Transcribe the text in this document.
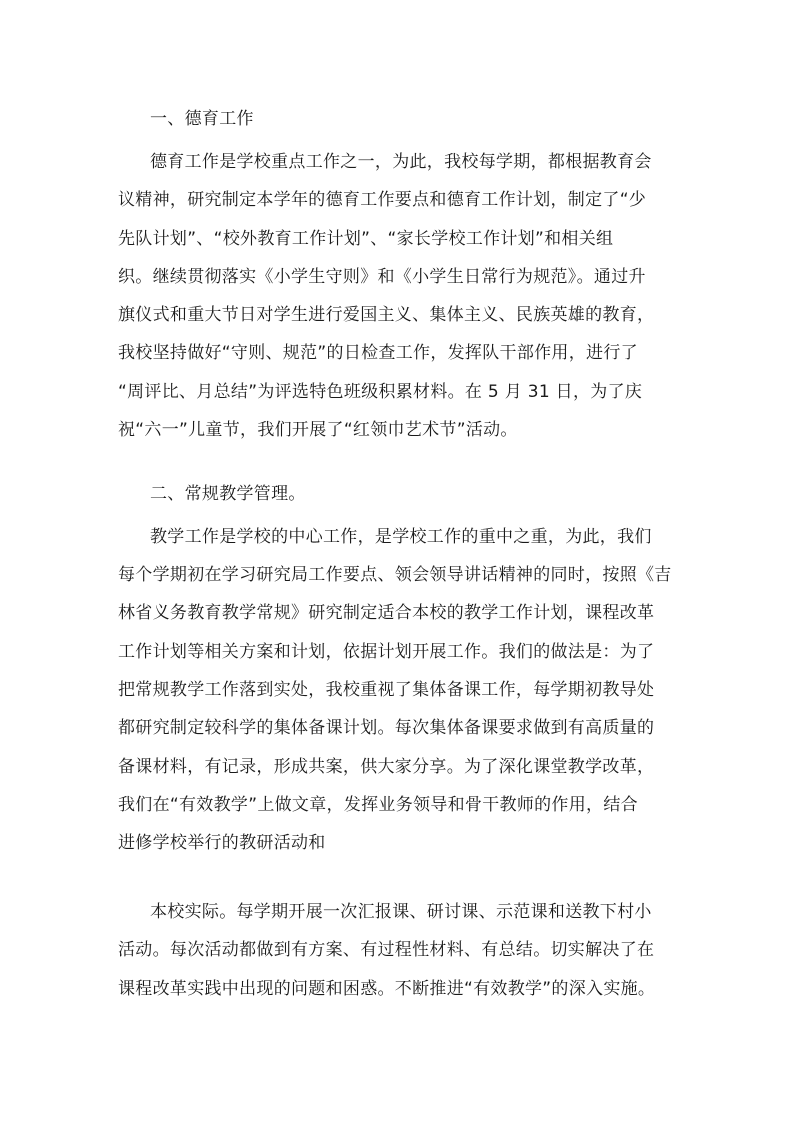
一、德育工作
德育工作是学校重点工作之一，为此，我校每学期，都根据教育会
议精神，研究制定本学年的德育工作要点和德育工作计划，制定了“少
先队计划”、“校外教育工作计划”、“家长学校工作计划”和相关组
织。继续贯彻落实《小学生守则》和《小学生日常行为规范》。通过升
旗仪式和重大节日对学生进行爱国主义、集体主义、民族英雄的教育，
我校坚持做好“守则、规范”的日检查工作，发挥队干部作用，进行了
“周评比、月总结”为评选特色班级积累材料。在 5 月 31 日，为了庆
祝“六一”儿童节，我们开展了“红领巾艺术节”活动。
二、常规教学管理。
教学工作是学校的中心工作，是学校工作的重中之重，为此，我们
每个学期初在学习研究局工作要点、领会领导讲话精神的同时，按照《吉
林省义务教育教学常规》研究制定适合本校的教学工作计划，课程改革
工作计划等相关方案和计划，依据计划开展工作。我们的做法是：为了
把常规教学工作落到实处，我校重视了集体备课工作，每学期初教导处
都研究制定较科学的集体备课计划。每次集体备课要求做到有高质量的
备课材料，有记录，形成共案，供大家分享。为了深化课堂教学改革，
我们在“有效教学”上做文章，发挥业务领导和骨干教师的作用，结合
进修学校举行的教研活动和
本校实际。每学期开展一次汇报课、研讨课、示范课和送教下村小
活动。每次活动都做到有方案、有过程性材料、有总结。切实解决了在
课程改革实践中出现的问题和困惑。不断推进“有效教学”的深入实施。
